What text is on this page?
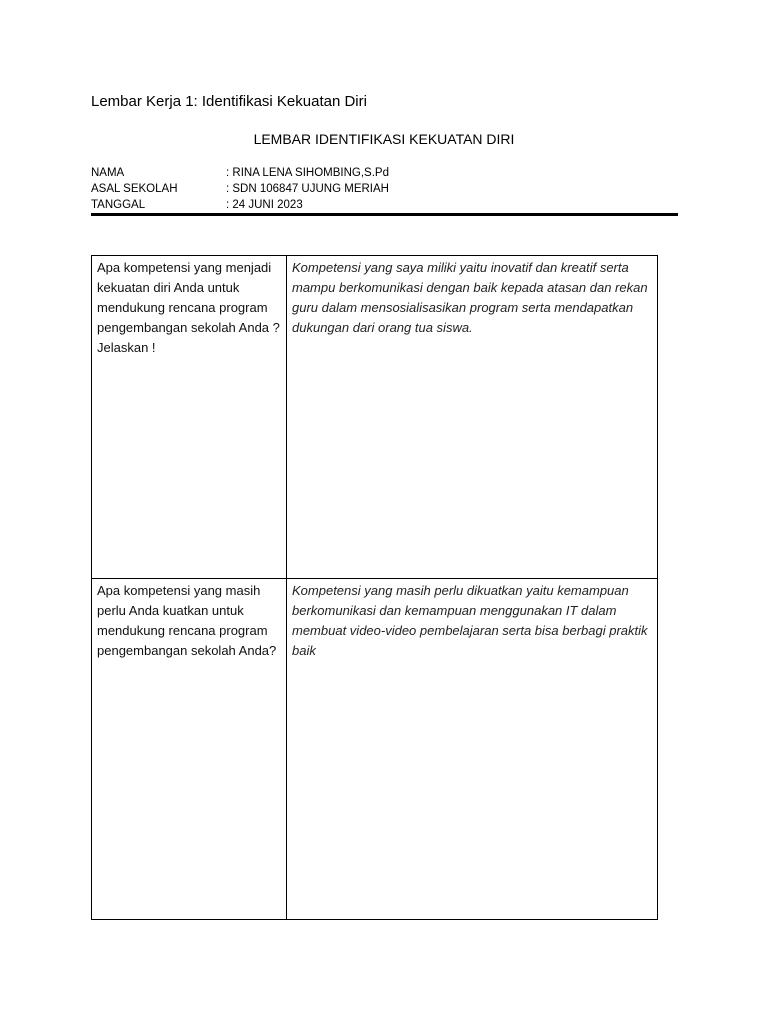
Lembar Kerja 1: Identifikasi Kekuatan Diri
LEMBAR IDENTIFIKASI KEKUATAN DIRI
NAMA	: RINA LENA SIHOMBING,S.Pd
ASAL SEKOLAH	: SDN 106847 UJUNG MERIAH
TANGGAL	: 24 JUNI 2023
Apa kompetensi yang menjadi kekuatan diri Anda untuk mendukung rencana program pengembangan sekolah Anda ? Jelaskan !	Kompetensi yang saya miliki yaitu inovatif dan kreatif serta mampu berkomunikasi dengan baik kepada atasan dan rekan guru dalam mensosialisasikan program serta mendapatkan dukungan dari orang tua siswa.

Apa kompetensi yang masih perlu Anda kuatkan untuk mendukung rencana program pengembangan sekolah Anda?	Kompetensi yang masih perlu dikuatkan yaitu kemampuan berkomunikasi dan kemampuan menggunakan IT dalam membuat video-video pembelajaran serta bisa berbagi praktik baik
